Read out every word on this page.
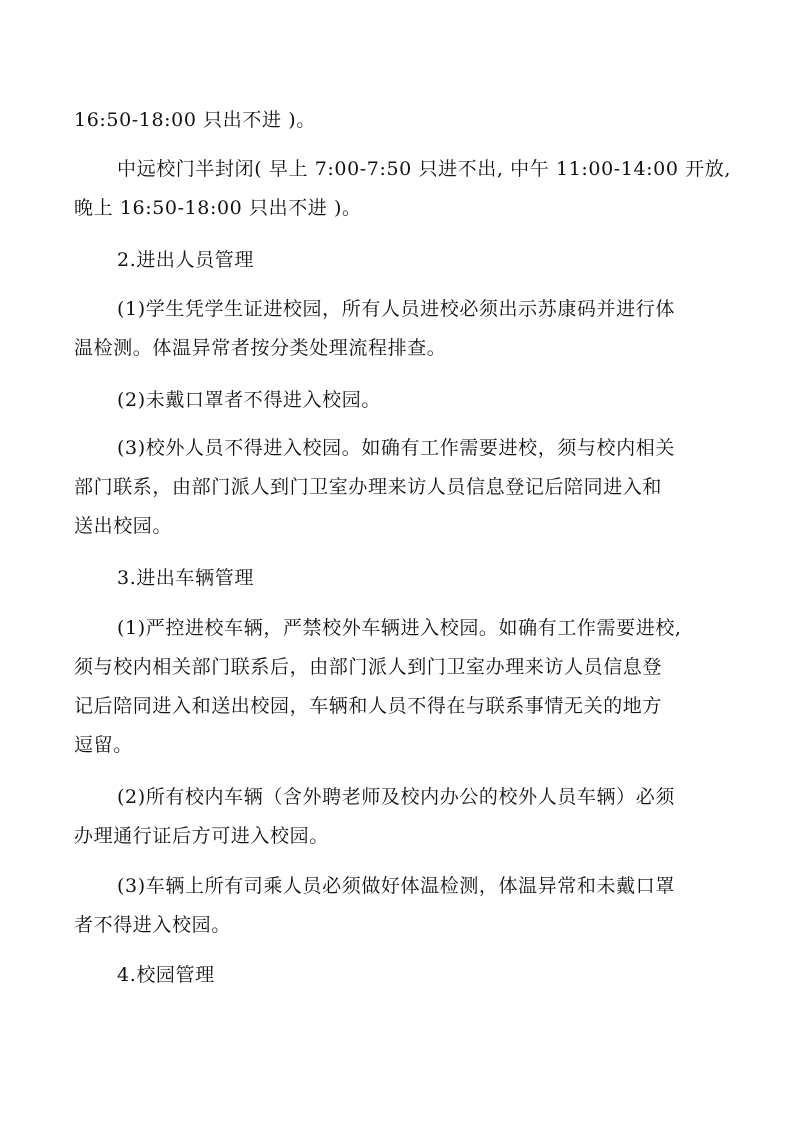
16:50-18:00 只出不进 )。
中远校门半封闭( 早上 7:00-7:50 只进不出, 中午 11:00-14:00 开放,
晚上 16:50-18:00 只出不进 )。
2.进出人员管理
(1)学生凭学生证进校园，所有人员进校必须出示苏康码并进行体
温检测。体温异常者按分类处理流程排查。
(2)未戴口罩者不得进入校园。
(3)校外人员不得进入校园。如确有工作需要进校，须与校内相关
部门联系，由部门派人到门卫室办理来访人员信息登记后陪同进入和
送出校园。
3.进出车辆管理
(1)严控进校车辆，严禁校外车辆进入校园。如确有工作需要进校,
须与校内相关部门联系后，由部门派人到门卫室办理来访人员信息登
记后陪同进入和送出校园，车辆和人员不得在与联系事情无关的地方
逗留。
(2)所有校内车辆（含外聘老师及校内办公的校外人员车辆）必须
办理通行证后方可进入校园。
(3)车辆上所有司乘人员必须做好体温检测，体温异常和未戴口罩
者不得进入校园。
4.校园管理
